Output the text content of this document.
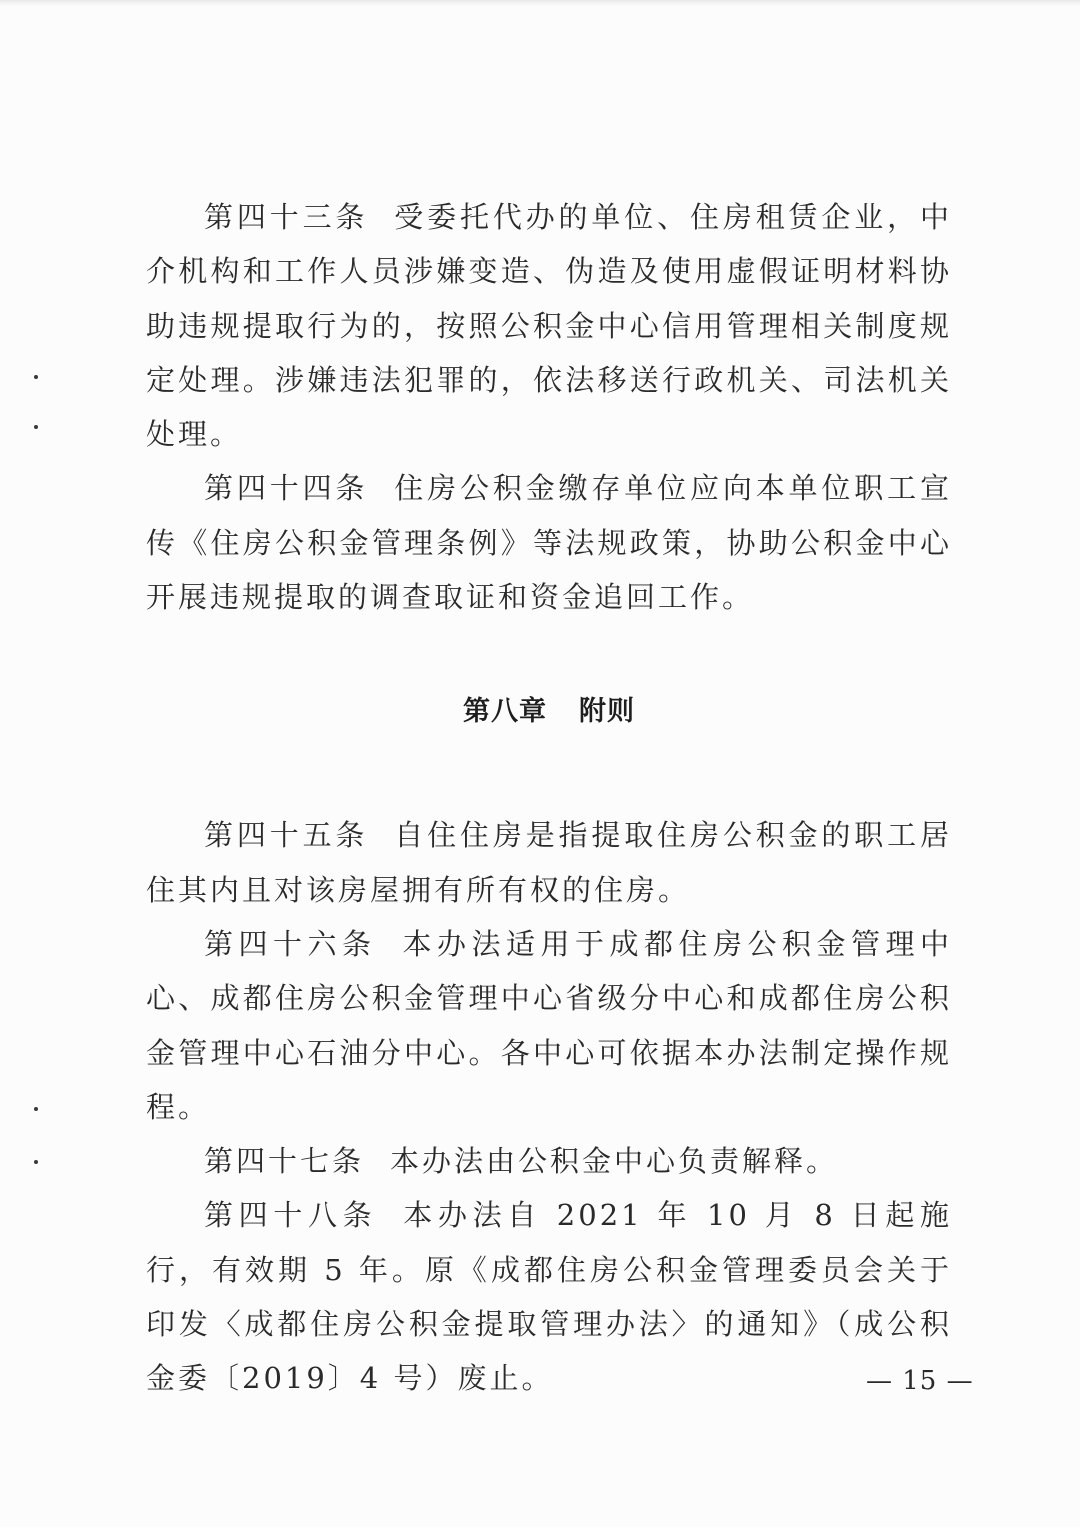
第四十三条 受委托代办的单位、住房租赁企业，中介机构和工作人员涉嫌变造、伪造及使用虚假证明材料协助违规提取行为的，按照公积金中心信用管理相关制度规定处理。涉嫌违法犯罪的，依法移送行政机关、司法机关处理。

第四十四条 住房公积金缴存单位应向本单位职工宣传《住房公积金管理条例》等法规政策，协助公积金中心开展违规提取的调查取证和资金追回工作。

第八章 附则

第四十五条 自住住房是指提取住房公积金的职工居住其内且对该房屋拥有所有权的住房。

第四十六条 本办法适用于成都住房公积金管理中心、成都住房公积金管理中心省级分中心和成都住房公积金管理中心石油分中心。各中心可依据本办法制定操作规程。

第四十七条 本办法由公积金中心负责解释。

第四十八条 本办法自 2021 年 10 月 8 日起施行，有效期 5 年。原《成都住房公积金管理委员会关于印发〈成都住房公积金提取管理办法〉的通知》（成公积金委〔2019〕4 号）废止。	— 15 —
